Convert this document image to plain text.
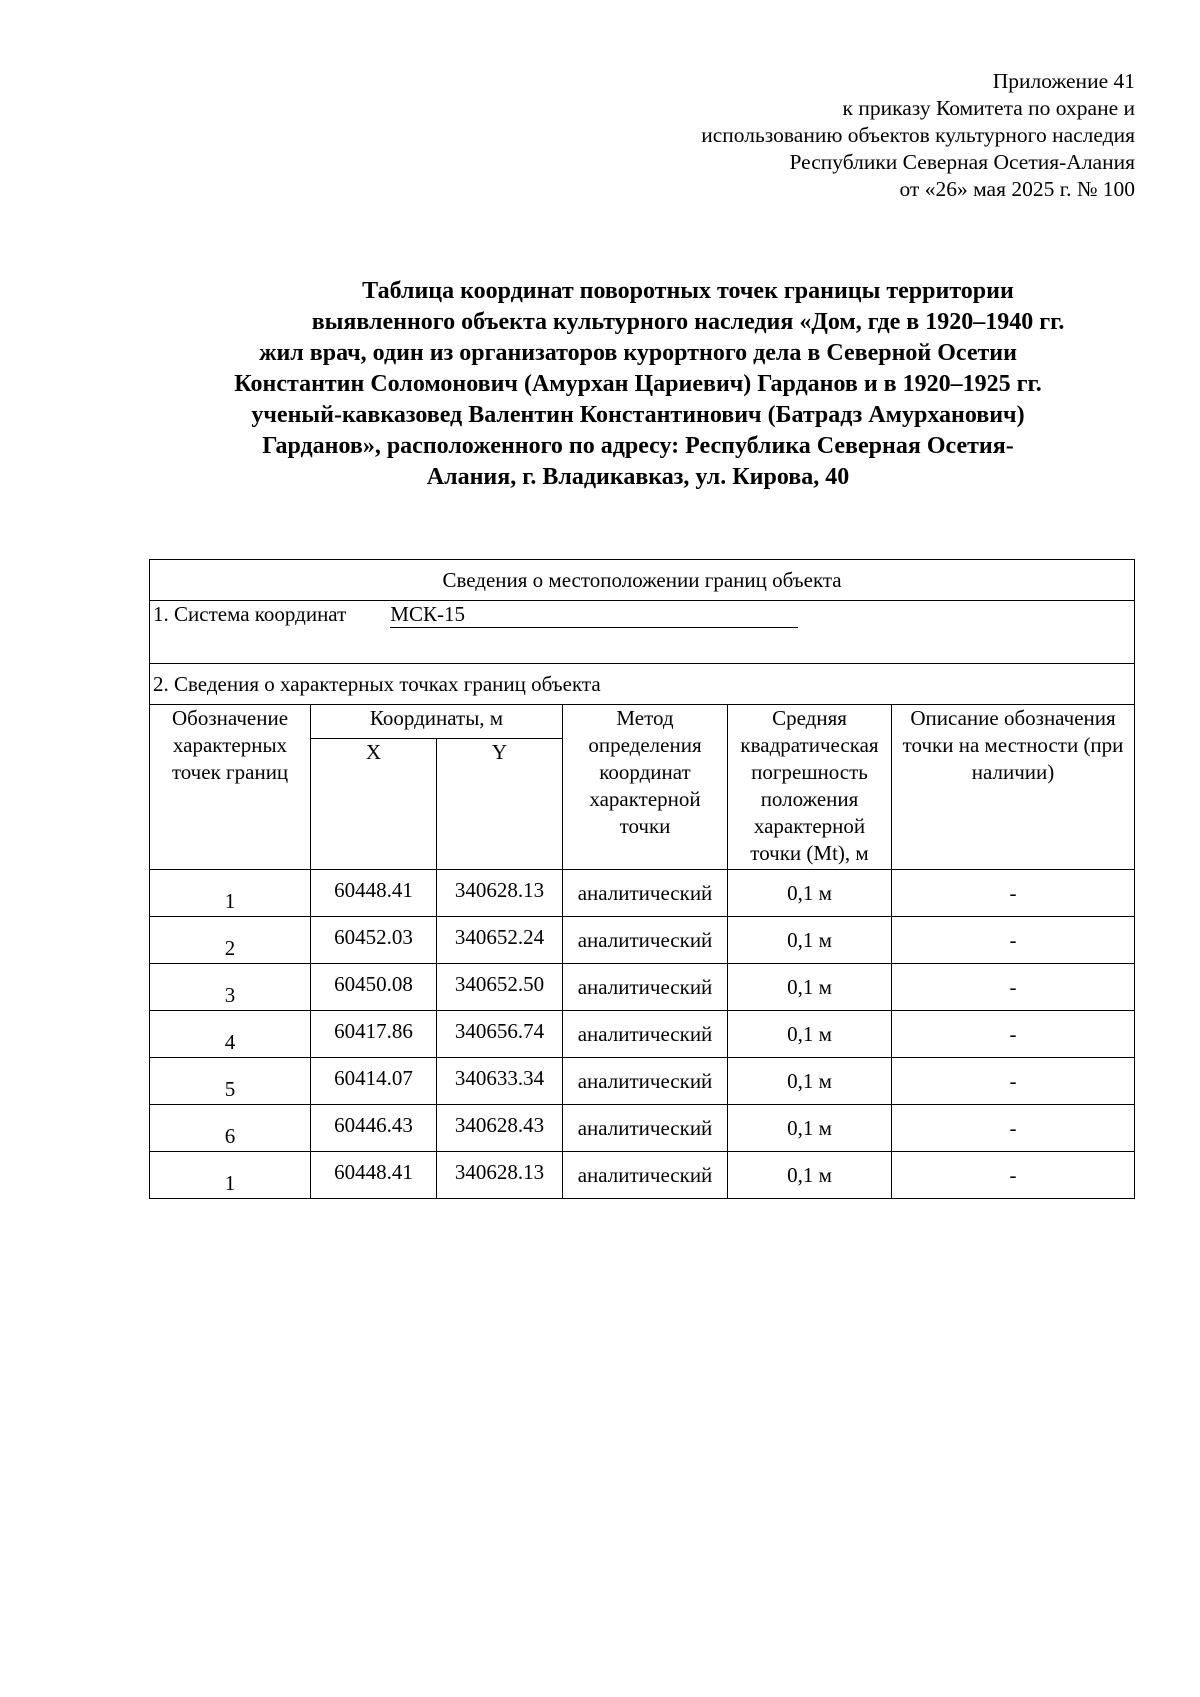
Приложение 41
к приказу Комитета по охране и
использованию объектов культурного наследия
Республики Северная Осетия-Алания
от «26» мая 2025 г. № 100
Таблица координат поворотных точек границы территории
выявленного объекта культурного наследия «Дом, где в 1920–1940 гг.
жил врач, один из организаторов курортного дела в Северной Осетии
Константин Соломонович (Амурхан Цариевич) Гарданов и в 1920–1925 гг.
ученый-кавказовед Валентин Константинович (Батрадз Амурханович)
Гарданов», расположенного по адресу: Республика Северная Осетия-
Алания, г. Владикавказ, ул. Кирова, 40
Сведения о местоположении границ объекта					
1. Система координат МСК-15					
2. Сведения о характерных точках границ объекта					
Обозначение характерных точек границ	Координаты, м		Метод определения координат характерной точки	Средняя квадратическая погрешность положения характерной точки (Mt), м	Описание обозначения точки на местности (при наличии)
	X	Y			
1	60448.41	340628.13	аналитический	0,1 м	-
2	60452.03	340652.24	аналитический	0,1 м	-
3	60450.08	340652.50	аналитический	0,1 м	-
4	60417.86	340656.74	аналитический	0,1 м	-
5	60414.07	340633.34	аналитический	0,1 м	-
6	60446.43	340628.43	аналитический	0,1 м	-
1	60448.41	340628.13	аналитический	0,1 м	-
